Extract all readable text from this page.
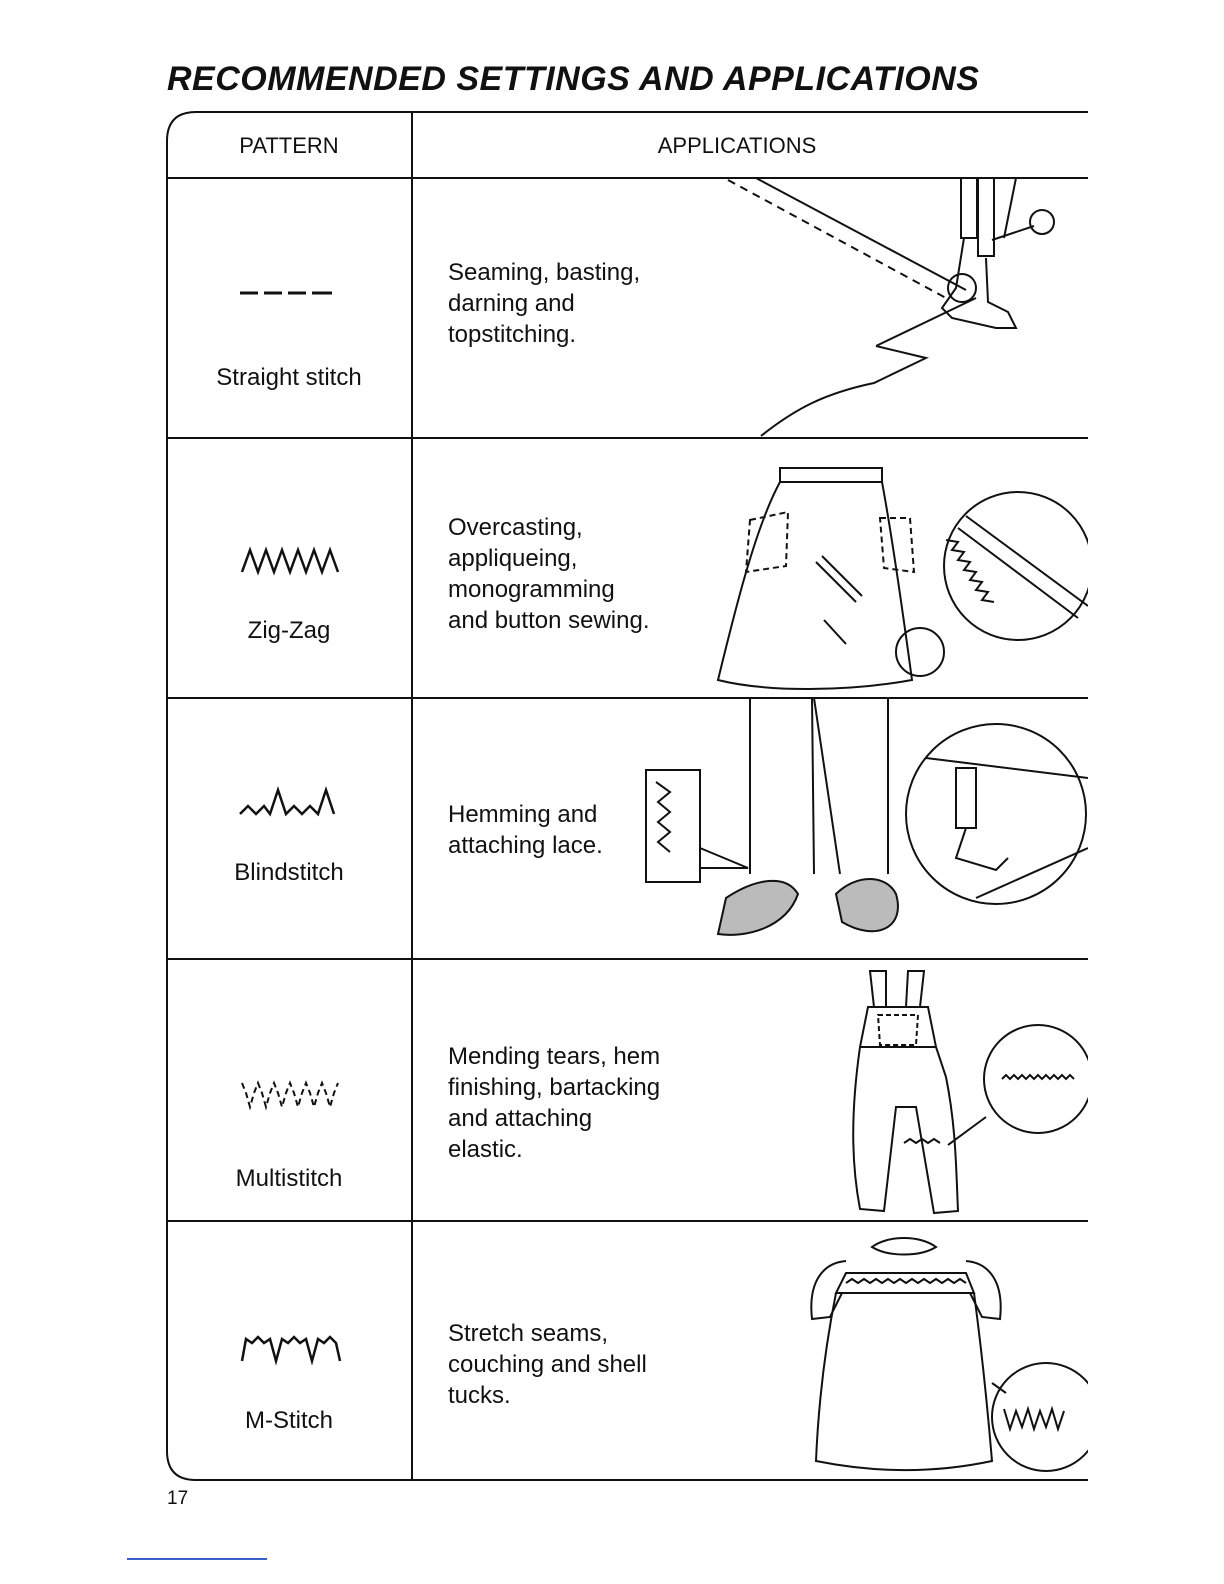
RECOMMENDED SETTINGS AND APPLICATIONS
PATTERN	APPLICATIONS
Straight stitch
Seaming, basting,
darning and
topstitching.
Zig-Zag
Overcasting,
appliqueing,
monogramming
and button sewing.
Blindstitch
Hemming and
attaching lace.
Multistitch
Mending tears, hem
finishing, bartacking
and attaching
elastic.
M-Stitch
Stretch seams,
couching and shell
tucks.
17
